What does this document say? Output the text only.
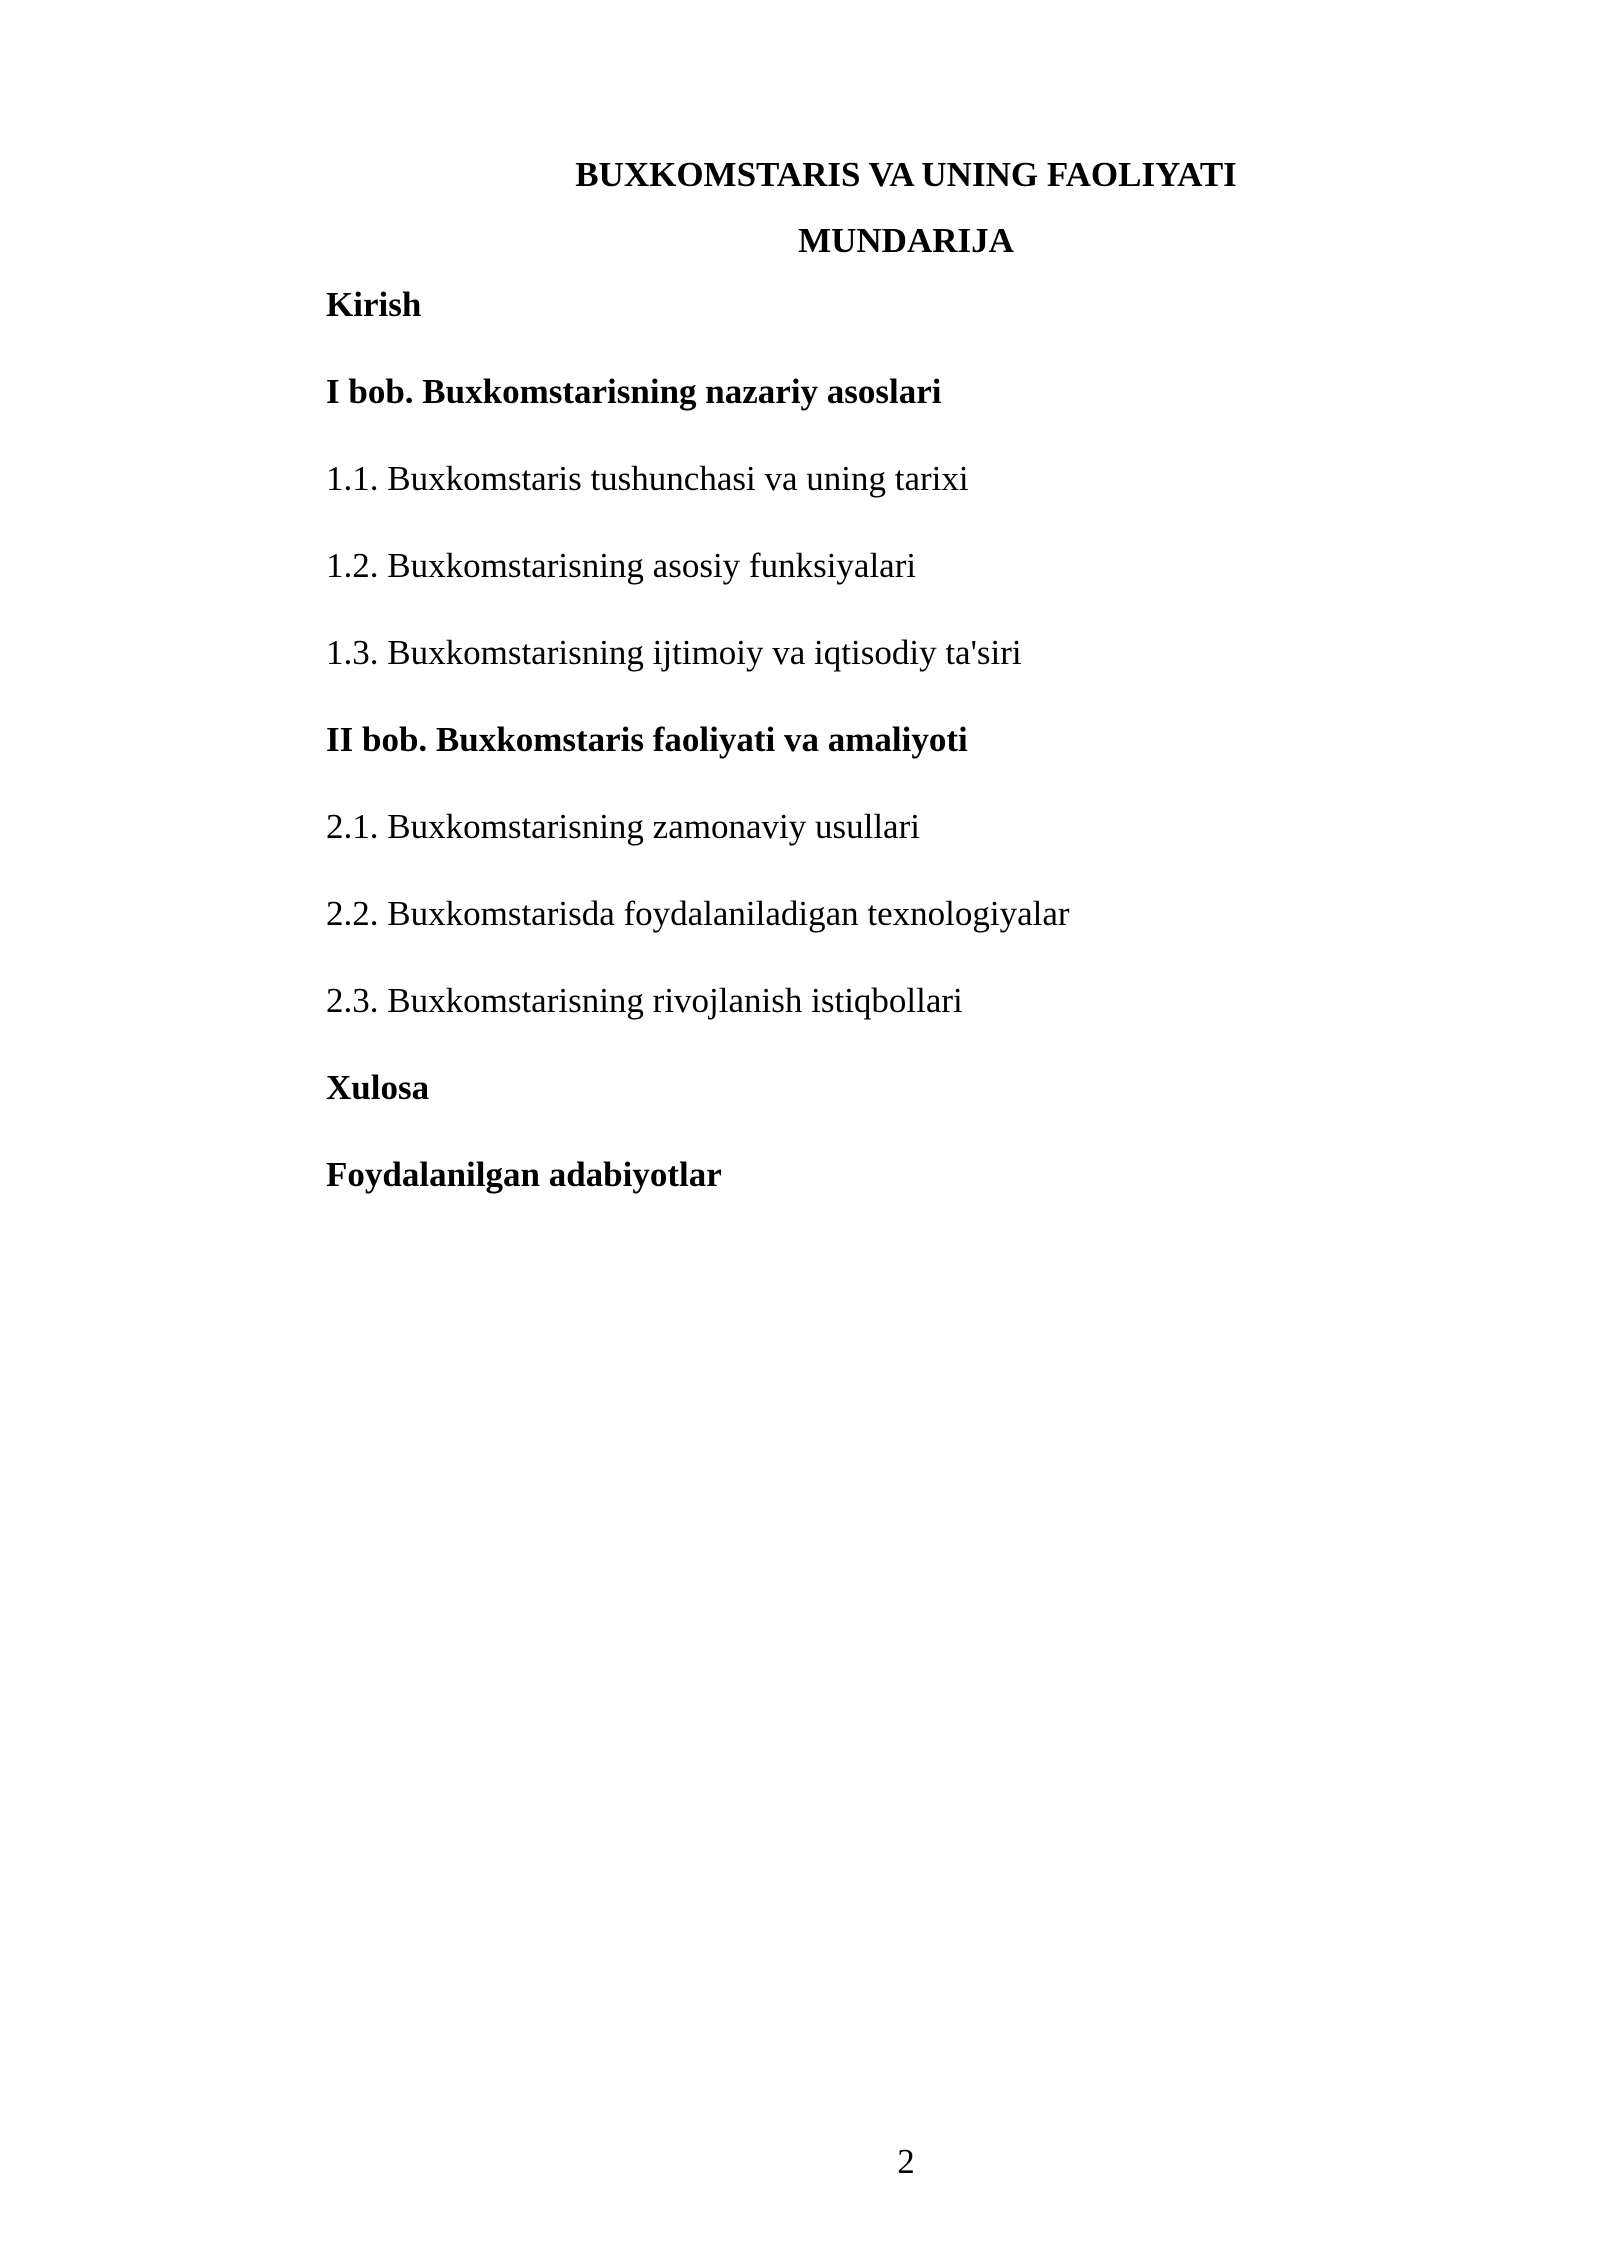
BUXKOMSTARIS VA UNING FAOLIYATI
MUNDARIJA
Kirish
I bob. Buxkomstarisning nazariy asoslari
1.1. Buxkomstaris tushunchasi va uning tarixi
1.2. Buxkomstarisning asosiy funksiyalari
1.3. Buxkomstarisning ijtimoiy va iqtisodiy ta'siri
II bob. Buxkomstaris faoliyati va amaliyoti
2.1. Buxkomstarisning zamonaviy usullari
2.2. Buxkomstarisda foydalaniladigan texnologiyalar
2.3. Buxkomstarisning rivojlanish istiqbollari
Xulosa
Foydalanilgan adabiyotlar
2
